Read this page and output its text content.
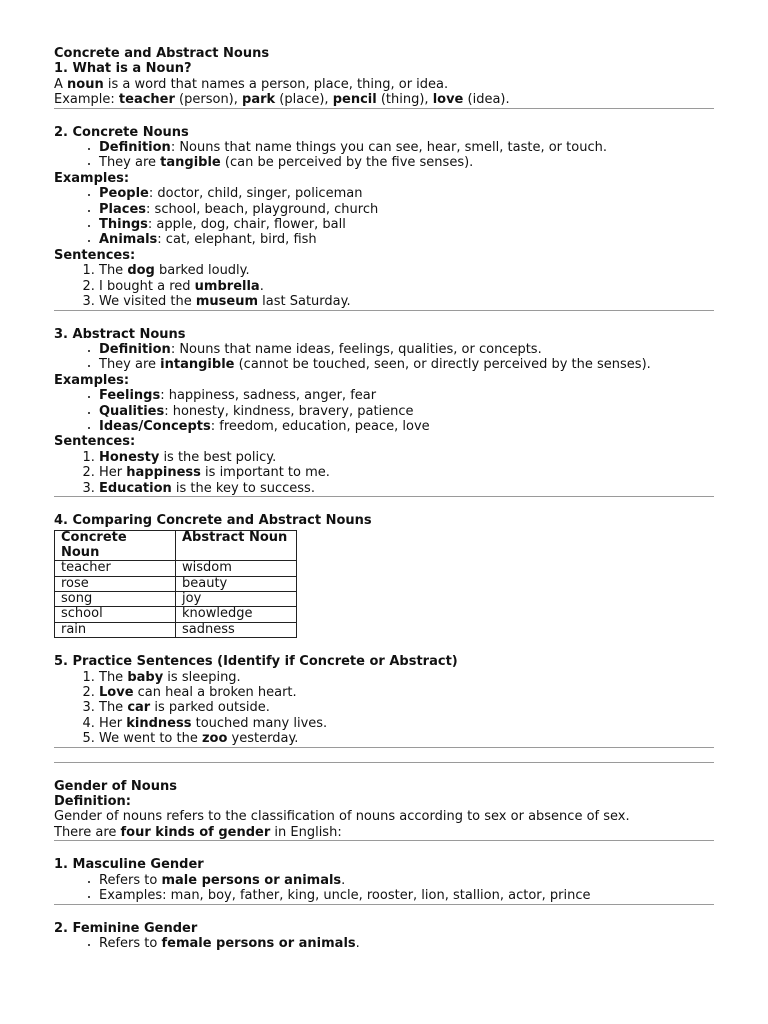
Concrete and Abstract Nouns

1. What is a Noun?

A noun is a word that names a person, place, thing, or idea.

Example: teacher (person), park (place), pencil (thing), love (idea).

2. Concrete Nouns

• Definition: Nouns that name things you can see, hear, smell, taste, or touch.
• They are tangible (can be perceived by the five senses).

Examples:

• People: doctor, child, singer, policeman
• Places: school, beach, playground, church
• Things: apple, dog, chair, flower, ball
• Animals: cat, elephant, bird, fish

Sentences:

1. The dog barked loudly.
2. I bought a red umbrella.
3. We visited the museum last Saturday.

3. Abstract Nouns

• Definition: Nouns that name ideas, feelings, qualities, or concepts.
• They are intangible (cannot be touched, seen, or directly perceived by the senses).

Examples:

• Feelings: happiness, sadness, anger, fear
• Qualities: honesty, kindness, bravery, patience
• Ideas/Concepts: freedom, education, peace, love

Sentences:

1. Honesty is the best policy.
2. Her happiness is important to me.
3. Education is the key to success.

4. Comparing Concrete and Abstract Nouns

Concrete Noun	Abstract Noun
teacher	wisdom
rose	beauty
song	joy
school	knowledge
rain	sadness

5. Practice Sentences (Identify if Concrete or Abstract)

1. The baby is sleeping.
2. Love can heal a broken heart.
3. The car is parked outside.
4. Her kindness touched many lives.
5. We went to the zoo yesterday.

Gender of Nouns

Definition:

Gender of nouns refers to the classification of nouns according to sex or absence of sex.

There are four kinds of gender in English:

1. Masculine Gender

• Refers to male persons or animals.
• Examples: man, boy, father, king, uncle, rooster, lion, stallion, actor, prince

2. Feminine Gender

• Refers to female persons or animals.
